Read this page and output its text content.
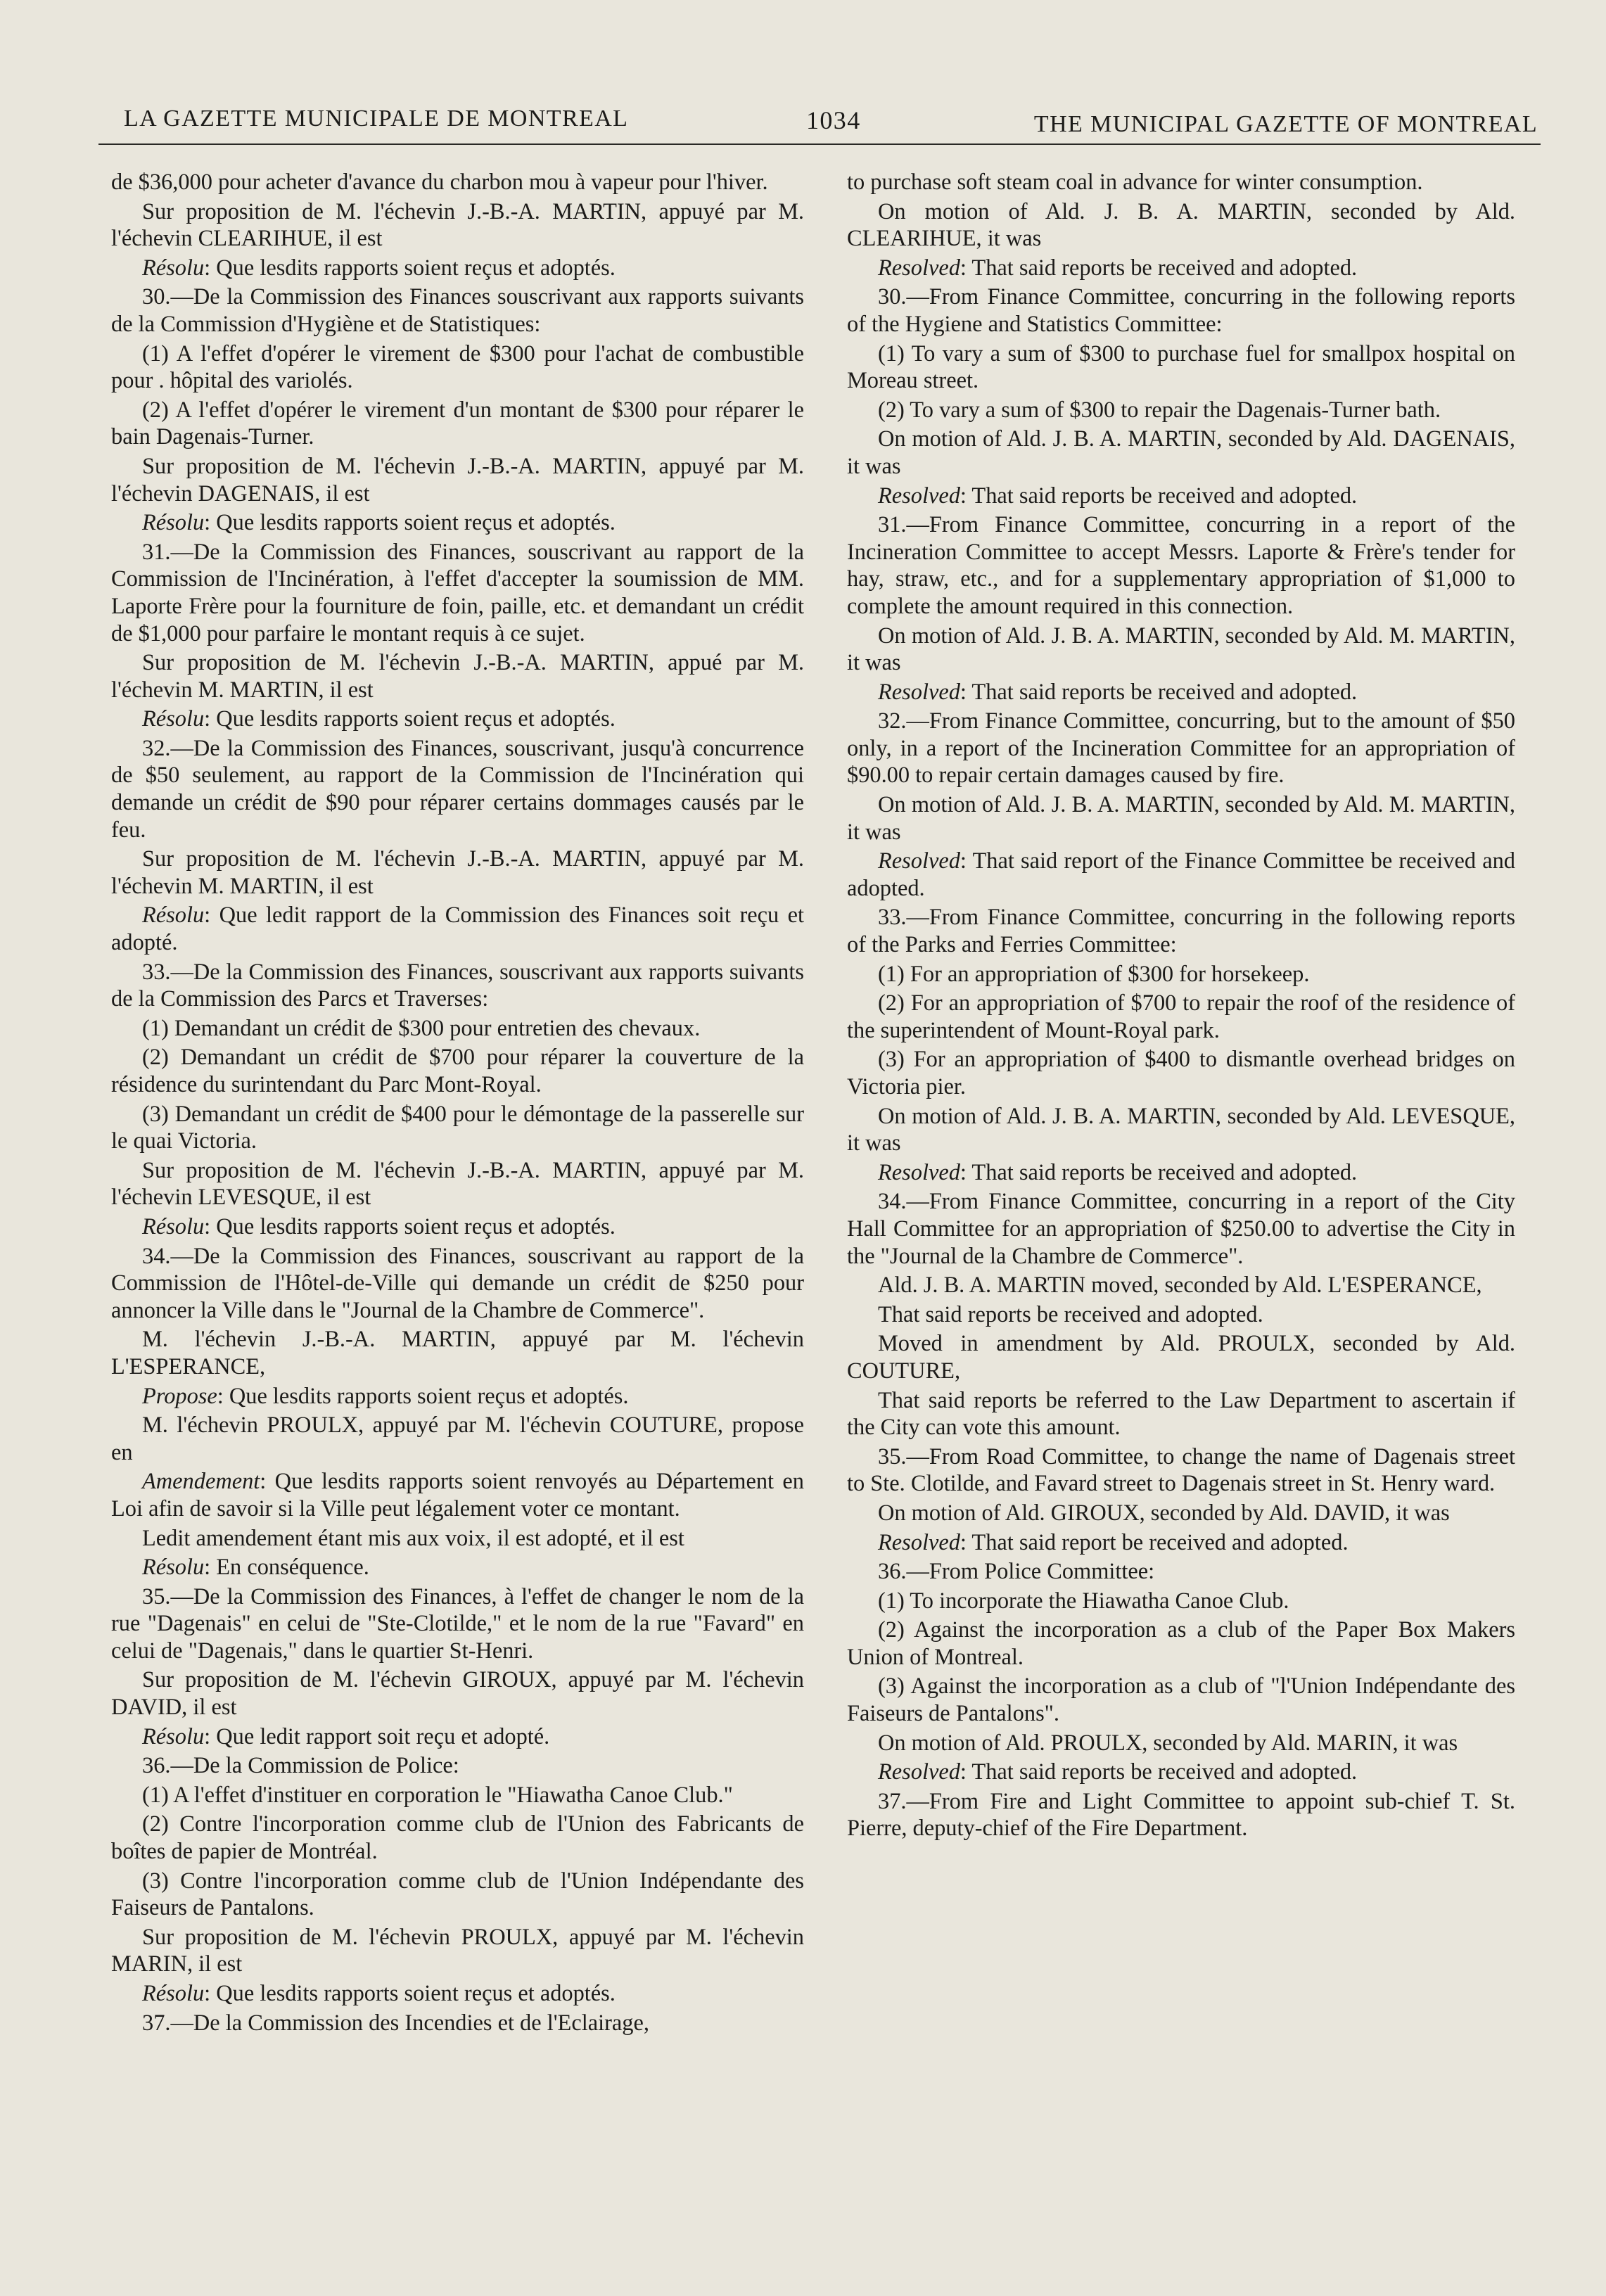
LA GAZETTE MUNICIPALE DE MONTREAL	1034	THE MUNICIPAL GAZETTE OF MONTREAL

de $36,000 pour acheter d'avance du charbon mou à vapeur pour l'hiver.

Sur proposition de M. l'échevin J.-B.-A. MARTIN, appuyé par M. l'échevin CLEARIHUE, il est

Résolu: Que lesdits rapports soient reçus et adoptés.

30.—De la Commission des Finances souscrivant aux rapports suivants de la Commission d'Hygiène et de Statistiques:

(1) A l'effet d'opérer le virement de $300 pour l'achat de combustible pour . hôpital des variolés.

(2) A l'effet d'opérer le virement d'un montant de $300 pour réparer le bain Dagenais-Turner.

Sur proposition de M. l'échevin J.-B.-A. MARTIN, appuyé par M. l'échevin DAGENAIS, il est

Résolu: Que lesdits rapports soient reçus et adoptés.

31.—De la Commission des Finances, souscrivant au rapport de la Commission de l'Incinération, à l'effet d'accepter la soumission de MM. Laporte Frère pour la fourniture de foin, paille, etc. et demandant un crédit de $1,000 pour parfaire le montant requis à ce sujet.

Sur proposition de M. l'échevin J.-B.-A. MARTIN, appué par M. l'échevin M. MARTIN, il est

Résolu: Que lesdits rapports soient reçus et adoptés.

32.—De la Commission des Finances, souscrivant, jusqu'à concurrence de $50 seulement, au rapport de la Commission de l'Incinération qui demande un crédit de $90 pour réparer certains dommages causés par le feu.

Sur proposition de M. l'échevin J.-B.-A. MARTIN, appuyé par M. l'échevin M. MARTIN, il est

Résolu: Que ledit rapport de la Commission des Finances soit reçu et adopté.

33.—De la Commission des Finances, souscrivant aux rapports suivants de la Commission des Parcs et Traverses:

(1) Demandant un crédit de $300 pour entretien des chevaux.

(2) Demandant un crédit de $700 pour réparer la couverture de la résidence du surintendant du Parc Mont-Royal.

(3) Demandant un crédit de $400 pour le démontage de la passerelle sur le quai Victoria.

Sur proposition de M. l'échevin J.-B.-A. MARTIN, appuyé par M. l'échevin LEVESQUE, il est

Résolu: Que lesdits rapports soient reçus et adoptés.

34.—De la Commission des Finances, souscrivant au rapport de la Commission de l'Hôtel-de-Ville qui demande un crédit de $250 pour annoncer la Ville dans le "Journal de la Chambre de Commerce".

M. l'échevin J.-B.-A. MARTIN, appuyé par M. l'échevin L'ESPERANCE,

Propose: Que lesdits rapports soient reçus et adoptés.

M. l'échevin PROULX, appuyé par M. l'échevin COUTURE, propose en

Amendement: Que lesdits rapports soient renvoyés au Département en Loi afin de savoir si la Ville peut légalement voter ce montant.

Ledit amendement étant mis aux voix, il est adopté, et il est

Résolu: En conséquence.

35.—De la Commission des Finances, à l'effet de changer le nom de la rue "Dagenais" en celui de "Ste-Clotilde," et le nom de la rue "Favard" en celui de "Dagenais," dans le quartier St-Henri.

Sur proposition de M. l'échevin GIROUX, appuyé par M. l'échevin DAVID, il est

Résolu: Que ledit rapport soit reçu et adopté.

36.—De la Commission de Police:

(1) A l'effet d'instituer en corporation le "Hiawatha Canoe Club."

(2) Contre l'incorporation comme club de l'Union des Fabricants de boîtes de papier de Montréal.

(3) Contre l'incorporation comme club de l'Union Indépendante des Faiseurs de Pantalons.

Sur proposition de M. l'échevin PROULX, appuyé par M. l'échevin MARIN, il est

Résolu: Que lesdits rapports soient reçus et adoptés.

37.—De la Commission des Incendies et de l'Eclairage,

to purchase soft steam coal in advance for winter consumption.

On motion of Ald. J. B. A. MARTIN, seconded by Ald. CLEARIHUE, it was

Resolved: That said reports be received and adopted.

30.—From Finance Committee, concurring in the following reports of the Hygiene and Statistics Committee:

(1) To vary a sum of $300 to purchase fuel for smallpox hospital on Moreau street.

(2) To vary a sum of $300 to repair the Dagenais-Turner bath.

On motion of Ald. J. B. A. MARTIN, seconded by Ald. DAGENAIS, it was

Resolved: That said reports be received and adopted.

31.—From Finance Committee, concurring in a report of the Incineration Committee to accept Messrs. Laporte & Frère's tender for hay, straw, etc., and for a supplementary appropriation of $1,000 to complete the amount required in this connection.

On motion of Ald. J. B. A. MARTIN, seconded by Ald. M. MARTIN, it was

Resolved: That said reports be received and adopted.

32.—From Finance Committee, concurring, but to the amount of $50 only, in a report of the Incineration Committee for an appropriation of $90.00 to repair certain damages caused by fire.

On motion of Ald. J. B. A. MARTIN, seconded by Ald. M. MARTIN, it was

Resolved: That said report of the Finance Committee be received and adopted.

33.—From Finance Committee, concurring in the following reports of the Parks and Ferries Committee:

(1) For an appropriation of $300 for horsekeep.

(2) For an appropriation of $700 to repair the roof of the residence of the superintendent of Mount-Royal park.

(3) For an appropriation of $400 to dismantle overhead bridges on Victoria pier.

On motion of Ald. J. B. A. MARTIN, seconded by Ald. LEVESQUE, it was

Resolved: That said reports be received and adopted.

34.—From Finance Committee, concurring in a report of the City Hall Committee for an appropriation of $250.00 to advertise the City in the "Journal de la Chambre de Commerce".

Ald. J. B. A. MARTIN moved, seconded by Ald. L'ESPERANCE,

That said reports be received and adopted.

Moved in amendment by Ald. PROULX, seconded by Ald. COUTURE,

That said reports be referred to the Law Department to ascertain if the City can vote this amount.

35.—From Road Committee, to change the name of Dagenais street to Ste. Clotilde, and Favard street to Dagenais street in St. Henry ward.

On motion of Ald. GIROUX, seconded by Ald. DAVID, it was

Resolved: That said report be received and adopted.

36.—From Police Committee:

(1) To incorporate the Hiawatha Canoe Club.

(2) Against the incorporation as a club of the Paper Box Makers Union of Montreal.

(3) Against the incorporation as a club of "l'Union Indépendante des Faiseurs de Pantalons".

On motion of Ald. PROULX, seconded by Ald. MARIN, it was

Resolved: That said reports be received and adopted.

37.—From Fire and Light Committee to appoint sub-chief T. St. Pierre, deputy-chief of the Fire Department.
